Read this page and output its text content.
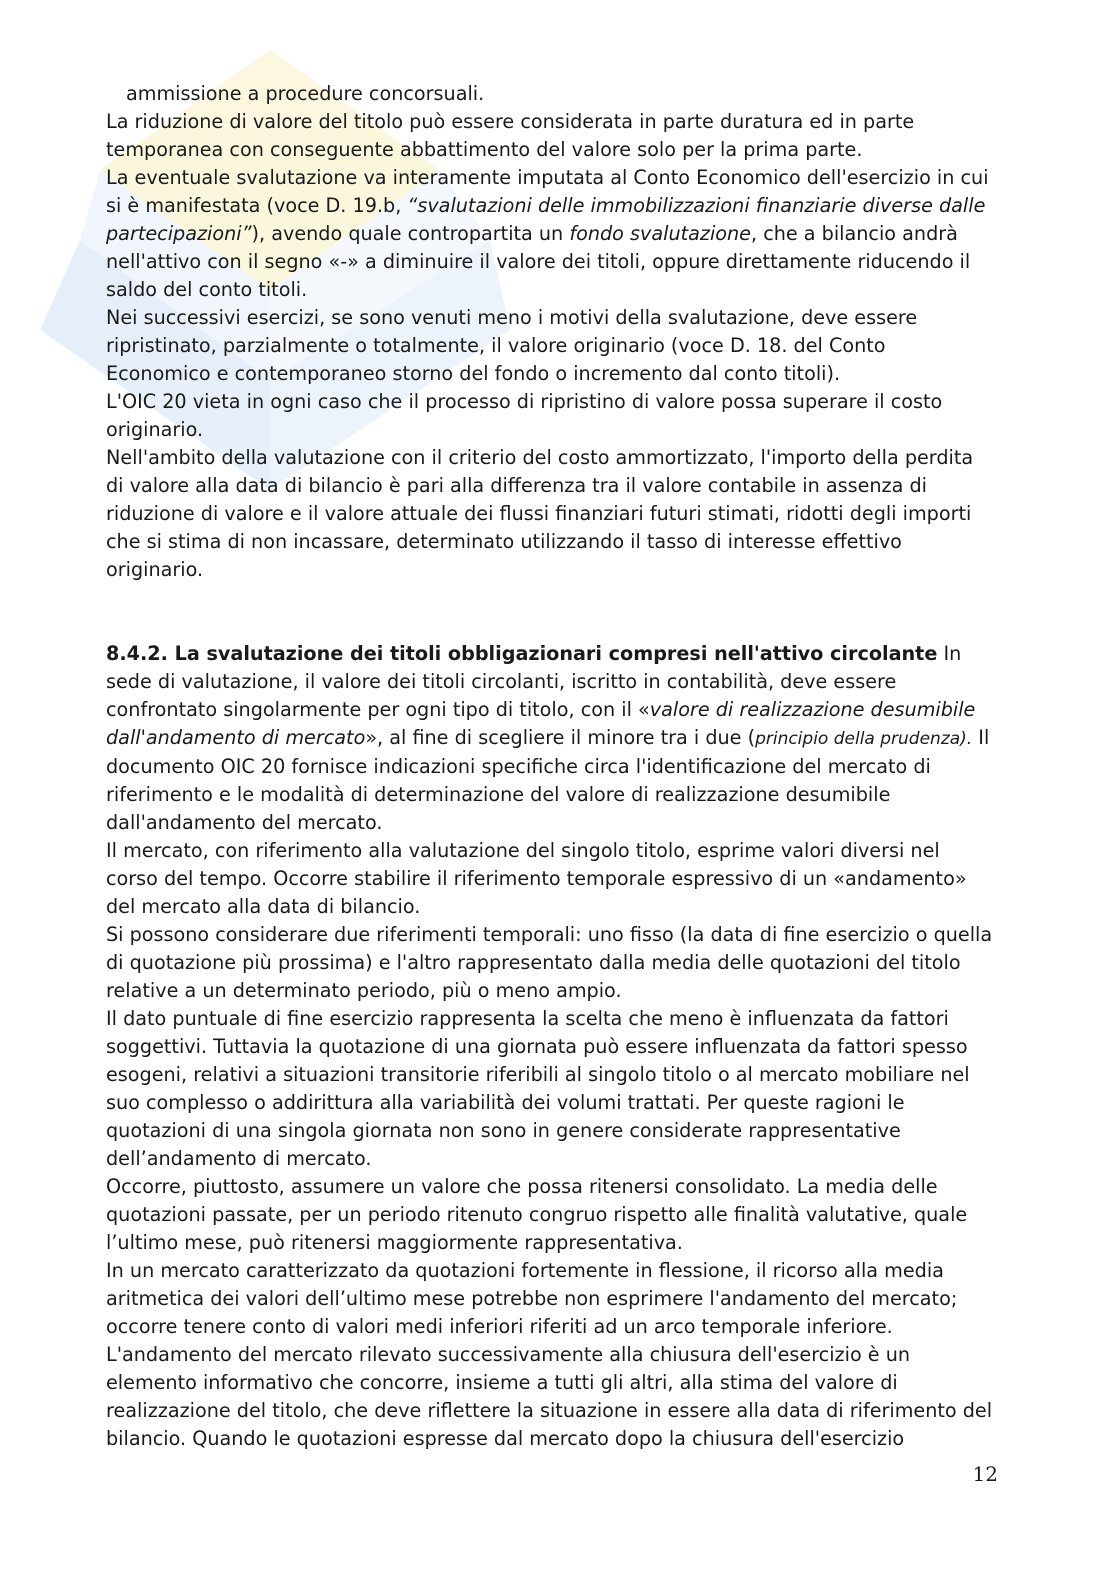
ammissione a procedure concorsuali.

La riduzione di valore del titolo può essere considerata in parte duratura ed in parte temporanea con conseguente abbattimento del valore solo per la prima parte.

La eventuale svalutazione va interamente imputata al Conto Economico dell'esercizio in cui si è manifestata (voce D. 19.b, “svalutazioni delle immobilizzazioni finanziarie diverse dalle partecipazioni”), avendo quale contropartita un fondo svalutazione, che a bilancio andrà nell'attivo con il segno «-» a diminuire il valore dei titoli, oppure direttamente riducendo il saldo del conto titoli.

Nei successivi esercizi, se sono venuti meno i motivi della svalutazione, deve essere ripristinato, parzialmente o totalmente, il valore originario (voce D. 18. del Conto Economico e contemporaneo storno del fondo o incremento dal conto titoli).

L'OIC 20 vieta in ogni caso che il processo di ripristino di valore possa superare il costo originario.

Nell'ambito della valutazione con il criterio del costo ammortizzato, l'importo della perdita di valore alla data di bilancio è pari alla differenza tra il valore contabile in assenza di riduzione di valore e il valore attuale dei flussi finanziari futuri stimati, ridotti degli importi che si stima di non incassare, determinato utilizzando il tasso di interesse effettivo originario.

8.4.2. La svalutazione dei titoli obbligazionari compresi nell'attivo circolante In sede di valutazione, il valore dei titoli circolanti, iscritto in contabilità, deve essere confrontato singolarmente per ogni tipo di titolo, con il «valore di realizzazione desumibile dall'andamento di mercato», al fine di scegliere il minore tra i due (principio della prudenza). Il documento OIC 20 fornisce indicazioni specifiche circa l'identificazione del mercato di riferimento e le modalità di determinazione del valore di realizzazione desumibile dall'andamento del mercato.

Il mercato, con riferimento alla valutazione del singolo titolo, esprime valori diversi nel corso del tempo. Occorre stabilire il riferimento temporale espressivo di un «andamento» del mercato alla data di bilancio.

Si possono considerare due riferimenti temporali: uno fisso (la data di fine esercizio o quella di quotazione più prossima) e l'altro rappresentato dalla media delle quotazioni del titolo relative a un determinato periodo, più o meno ampio.

Il dato puntuale di fine esercizio rappresenta la scelta che meno è influenzata da fattori soggettivi. Tuttavia la quotazione di una giornata può essere influenzata da fattori spesso esogeni, relativi a situazioni transitorie riferibili al singolo titolo o al mercato mobiliare nel suo complesso o addirittura alla variabilità dei volumi trattati. Per queste ragioni le quotazioni di una singola giornata non sono in genere considerate rappresentative dell’andamento di mercato.

Occorre, piuttosto, assumere un valore che possa ritenersi consolidato. La media delle quotazioni passate, per un periodo ritenuto congruo rispetto alle finalità valutative, quale l’ultimo mese, può ritenersi maggiormente rappresentativa.

In un mercato caratterizzato da quotazioni fortemente in flessione, il ricorso alla media aritmetica dei valori dell’ultimo mese potrebbe non esprimere l'andamento del mercato; occorre tenere conto di valori medi inferiori riferiti ad un arco temporale inferiore.

L'andamento del mercato rilevato successivamente alla chiusura dell'esercizio è un elemento informativo che concorre, insieme a tutti gli altri, alla stima del valore di realizzazione del titolo, che deve riflettere la situazione in essere alla data di riferimento del bilancio. Quando le quotazioni espresse dal mercato dopo la chiusura dell'esercizio

12
